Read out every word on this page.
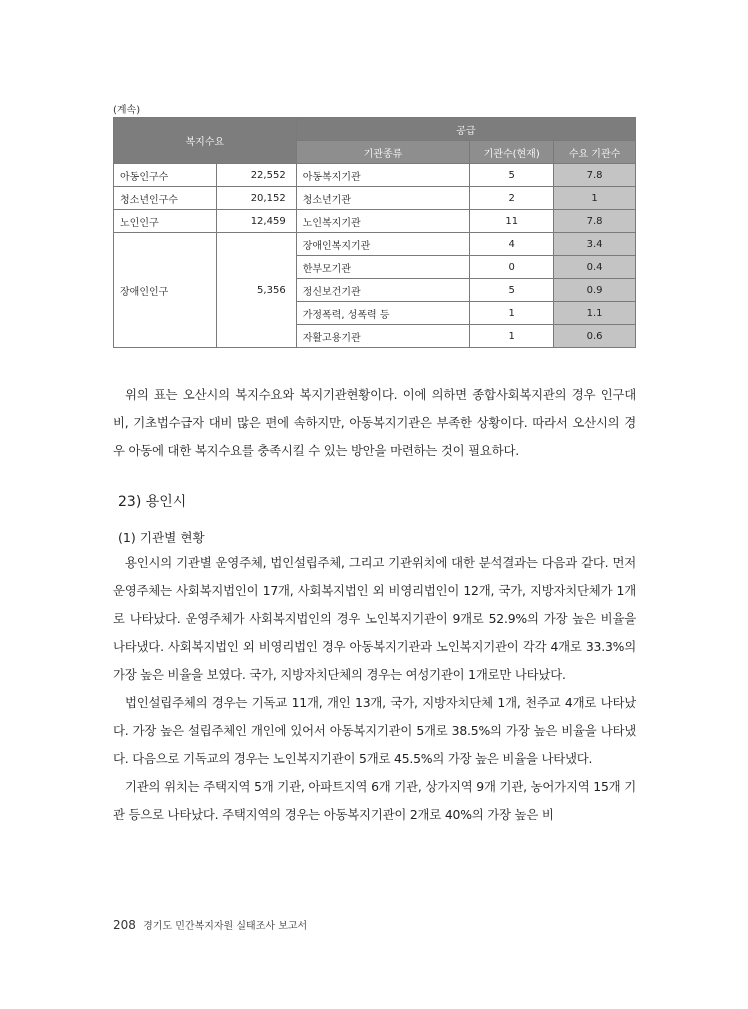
(계속)
복지수요		공급		
		기관종류	기관수(현재)	수요 기관수
아동인구수	22,552	아동복지기관	5	7.8
청소년인구수	20,152	청소년기관	2	1
노인인구	12,459	노인복지기관	11	7.8
장애인인구	5,356	장애인복지기관	4	3.4
		한부모기관	0	0.4
		정신보건기관	5	0.9
		가정폭력, 성폭력 등	1	1.1
		자활고용기관	1	0.6

위의 표는 오산시의 복지수요와 복지기관현황이다. 이에 의하면 종합사회복지관의 경우 인구대비, 기초법수급자 대비 많은 편에 속하지만, 아동복지기관은 부족한 상황이다. 따라서 오산시의 경우 아동에 대한 복지수요를 충족시킬 수 있는 방안을 마련하는 것이 필요하다.

23) 용인시
(1) 기관별 현황

용인시의 기관별 운영주체, 법인설립주체, 그리고 기관위치에 대한 분석결과는 다음과 같다. 먼저 운영주체는 사회복지법인이 17개, 사회복지법인 외 비영리법인이 12개, 국가, 지방자치단체가 1개로 나타났다. 운영주체가 사회복지법인의 경우 노인복지기관이 9개로 52.9%의 가장 높은 비율을 나타냈다. 사회복지법인 외 비영리법인 경우 아동복지기관과 노인복지기관이 각각 4개로 33.3%의 가장 높은 비율을 보였다. 국가, 지방자치단체의 경우는 여성기관이 1개로만 나타났다.

법인설립주체의 경우는 기독교 11개, 개인 13개, 국가, 지방자치단체 1개, 천주교 4개로 나타났다. 가장 높은 설립주체인 개인에 있어서 아동복지기관이 5개로 38.5%의 가장 높은 비율을 나타냈다. 다음으로 기독교의 경우는 노인복지기관이 5개로 45.5%의 가장 높은 비율을 나타냈다.

기관의 위치는 주택지역 5개 기관, 아파트지역 6개 기관, 상가지역 9개 기관, 농어가지역 15개 기관 등으로 나타났다. 주택지역의 경우는 아동복지기관이 2개로 40%의 가장 높은 비

208 경기도 민간복지자원 실태조사 보고서
